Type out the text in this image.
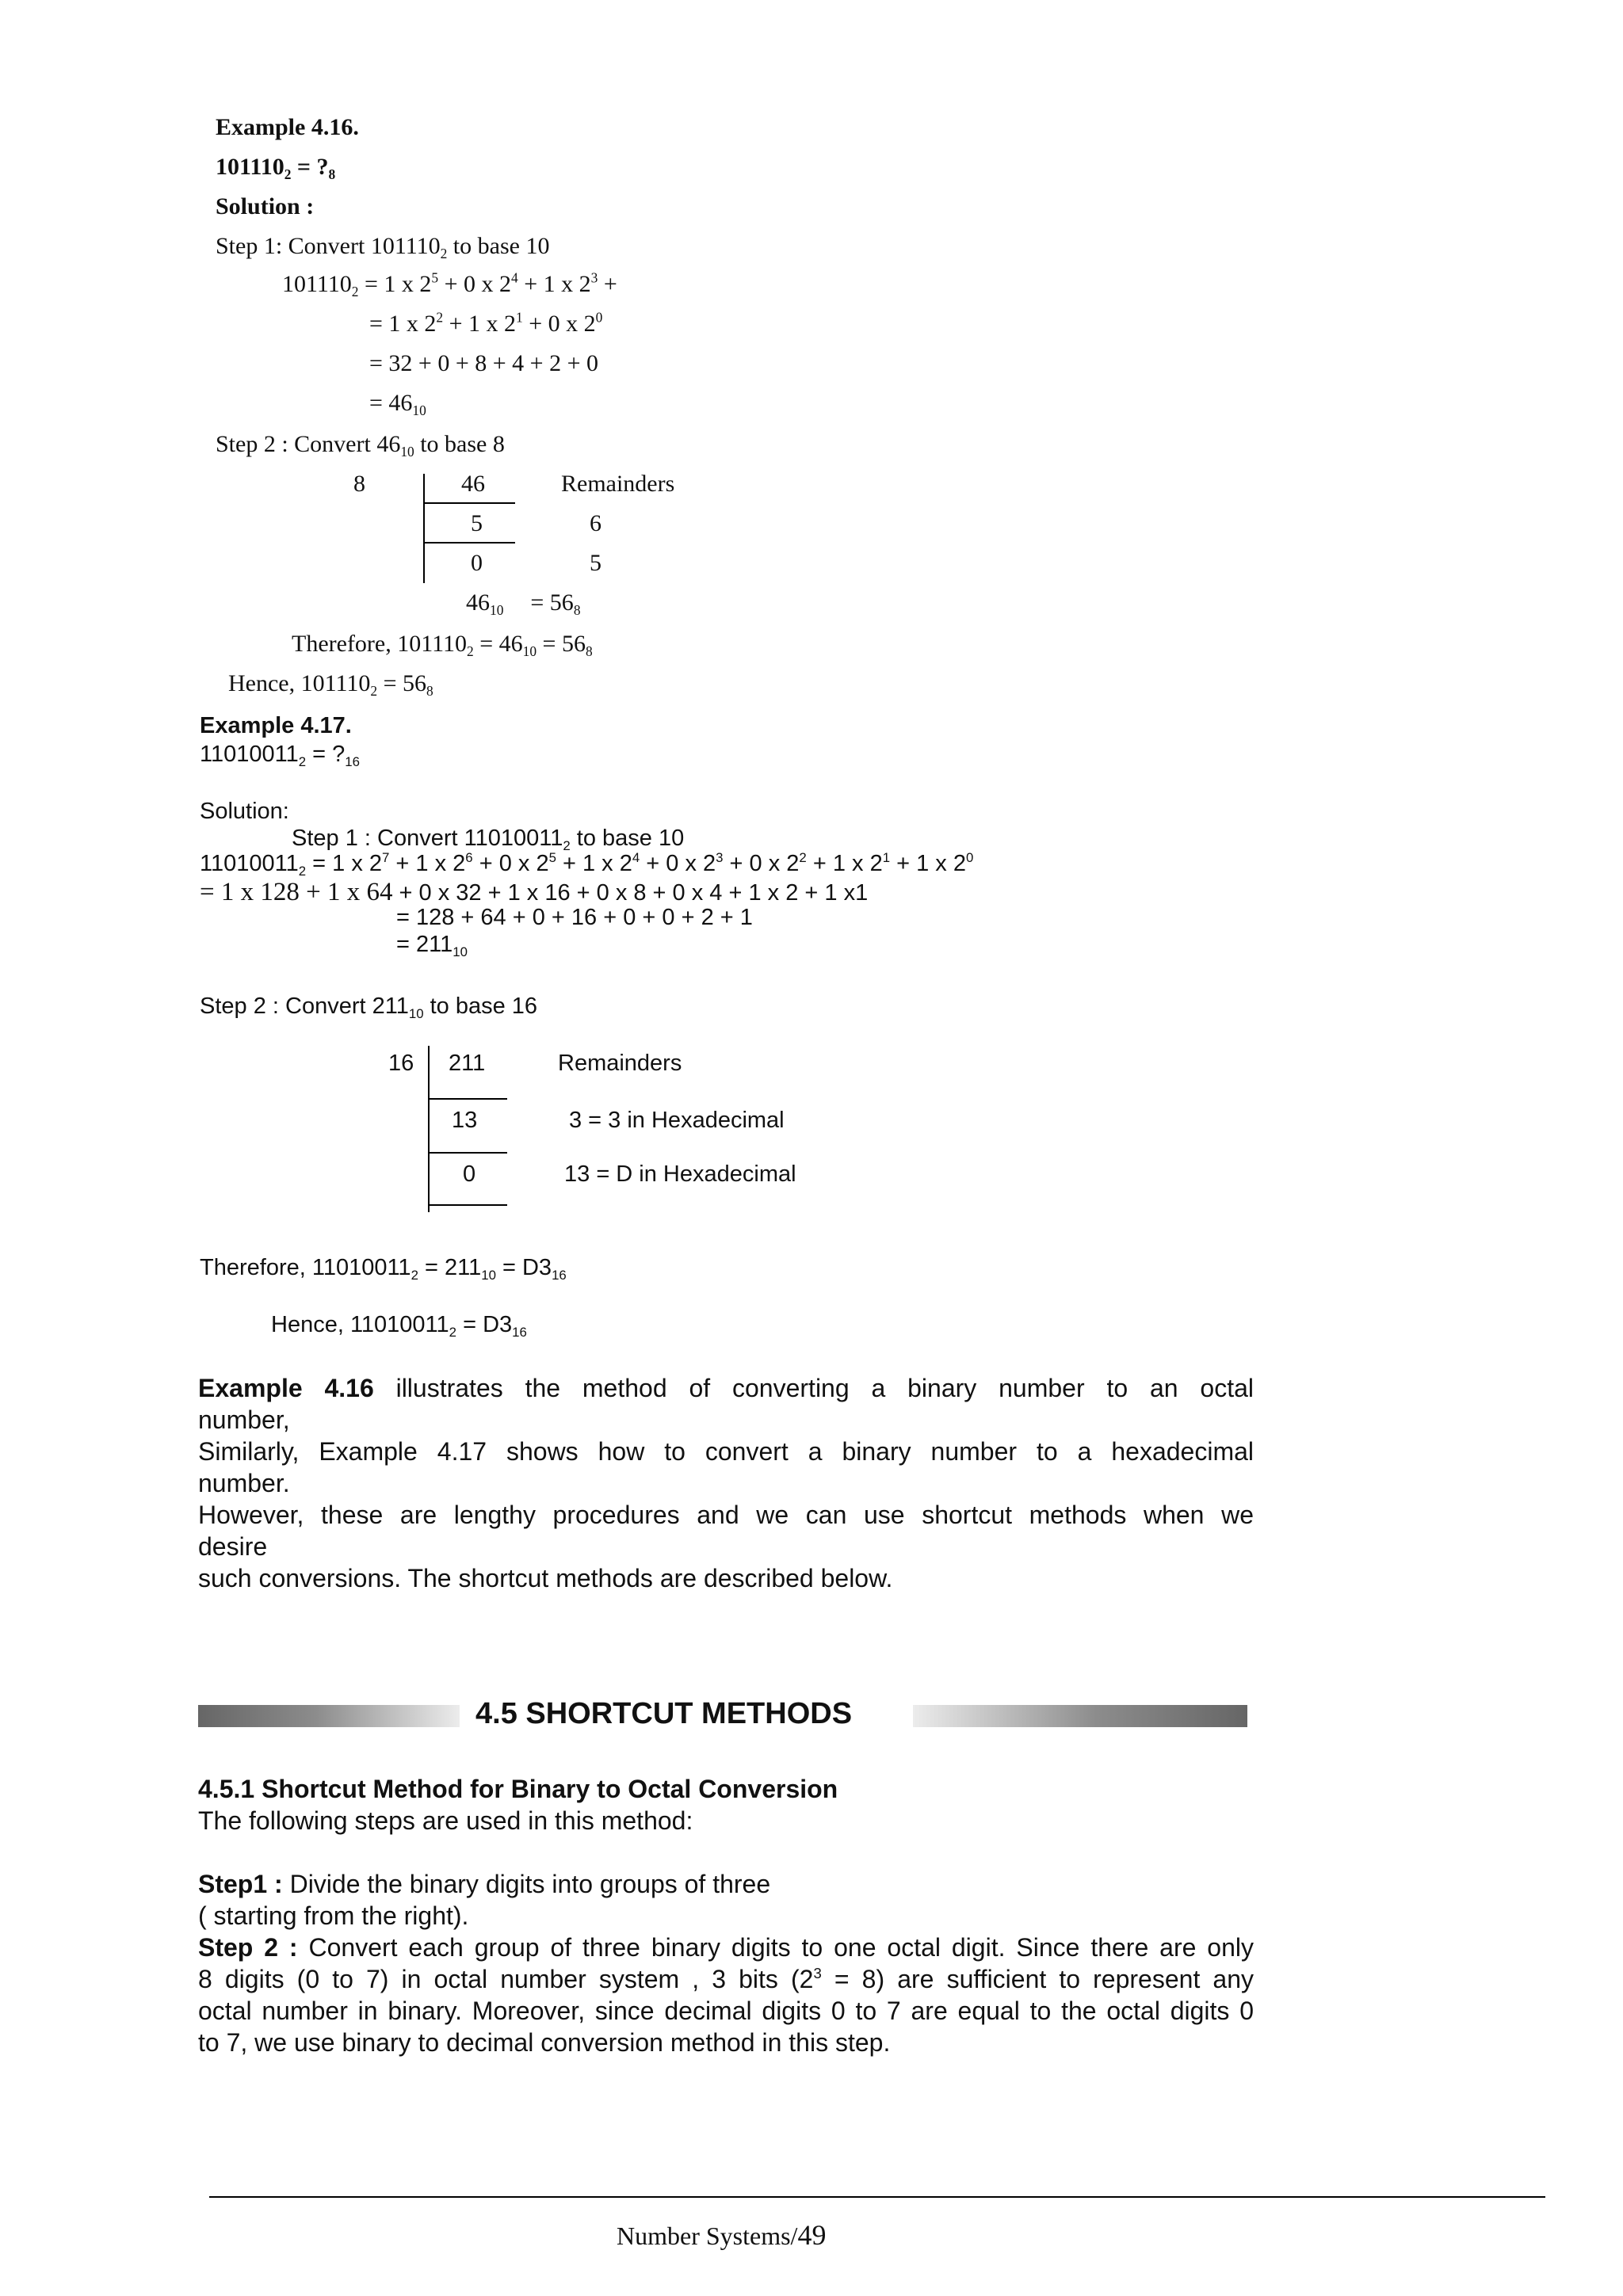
Example 4.16.
$101110_2$ = $?_8$
Solution :
Step 1: Convert $101110_2$ to base 10
$101110_2 = 1$ x $2^5 + 0$ x $2^4 + 1$ x $2^3$ +
= 1 x $2^2 + 1$ x $2^1 + 0$ x $2^0$
= 32 + 0 + 8 + 4 + 2 + 0
= $46_{10}$
Step 2 : Convert $46_{10}$ to base 8
8	46	Remainders
5	6
0	5
$46_{10} = 56_8$
Therefore, $101110_2 = 46_{10} = 56_8$
Hence, $101110_2 = 56_8$
Example 4.17.
$11010011_2$ = $?_{16}$
Solution:
Step 1 : Convert $11010011_2$ to base 10
$11010011_2 = 1$ x $2^7 + 1$ x $2^6 + 0$ x $2^5 + 1$ x $2^4 + 0$ x $2^3 + 0$ x $2^2 + 1$ x $2^1 + 1$ x $2^0$
= 1 x 128 + 1 x 64 + 0 x 32 + 1 x 16 + 0 x 8 + 0 x 4 + 1 x 2 + 1 x1
= 128 + 64 + 0 + 16 + 0 + 0 + 2 + 1
= $211_{10}$
Step 2 : Convert $211_{10}$ to base 16
16 211	Remainders
13	3 = 3 in Hexadecimal
0	13 = D in Hexadecimal
Therefore, $11010011_2 = 211_{10} = D3_{16}$
Hence, $11010011_2 = D3_{16}$

Example 4.16 illustrates the method of converting a binary number to an octal

number,

Similarly, Example 4.17 shows how to convert a binary number to a hexadecimal

number.

However, these are lengthy procedures and we can use shortcut methods when we

desire

such conversions. The shortcut methods are described below.

4.5 SHORTCUT METHODS

4.5.1 Shortcut Method for Binary to Octal Conversion

The following steps are used in this method:

Step1 : Divide the binary digits into groups of three

( starting from the right).

Step 2 : Convert each group of three binary digits to one octal digit. Since there are only

8 digits (0 to 7) in octal number system , 3 bits $(2^3 = 8)$ are sufficient to represent any

octal number in binary. Moreover, since decimal digits 0 to 7 are equal to the octal digits 0

to 7, we use binary to decimal conversion method in this step.

Number Systems/49
